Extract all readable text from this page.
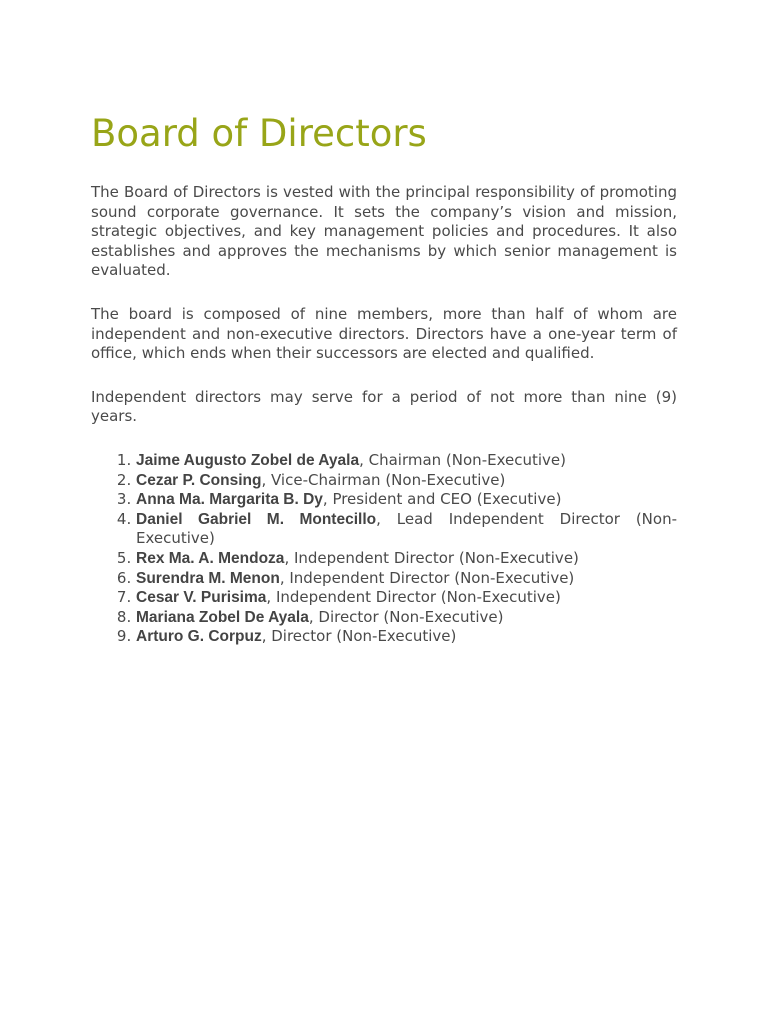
Board of Directors

The Board of Directors is vested with the principal responsibility of promoting sound corporate governance. It sets the company’s vision and mission, strategic objectives, and key management policies and procedures. It also establishes and approves the mechanisms by which senior management is evaluated.

The board is composed of nine members, more than half of whom are independent and non-executive directors. Directors have a one-year term of office, which ends when their successors are elected and qualified.

Independent directors may serve for a period of not more than nine (9) years.

1. Jaime Augusto Zobel de Ayala, Chairman (Non-Executive)
2. Cezar P. Consing, Vice-Chairman (Non-Executive)
3. Anna Ma. Margarita B. Dy, President and CEO (Executive)
4. Daniel Gabriel M. Montecillo, Lead Independent Director (Non-Executive)
5. Rex Ma. A. Mendoza, Independent Director (Non-Executive)
6. Surendra M. Menon, Independent Director (Non-Executive)
7. Cesar V. Purisima, Independent Director (Non-Executive)
8. Mariana Zobel De Ayala, Director (Non-Executive)
9. Arturo G. Corpuz, Director (Non-Executive)
